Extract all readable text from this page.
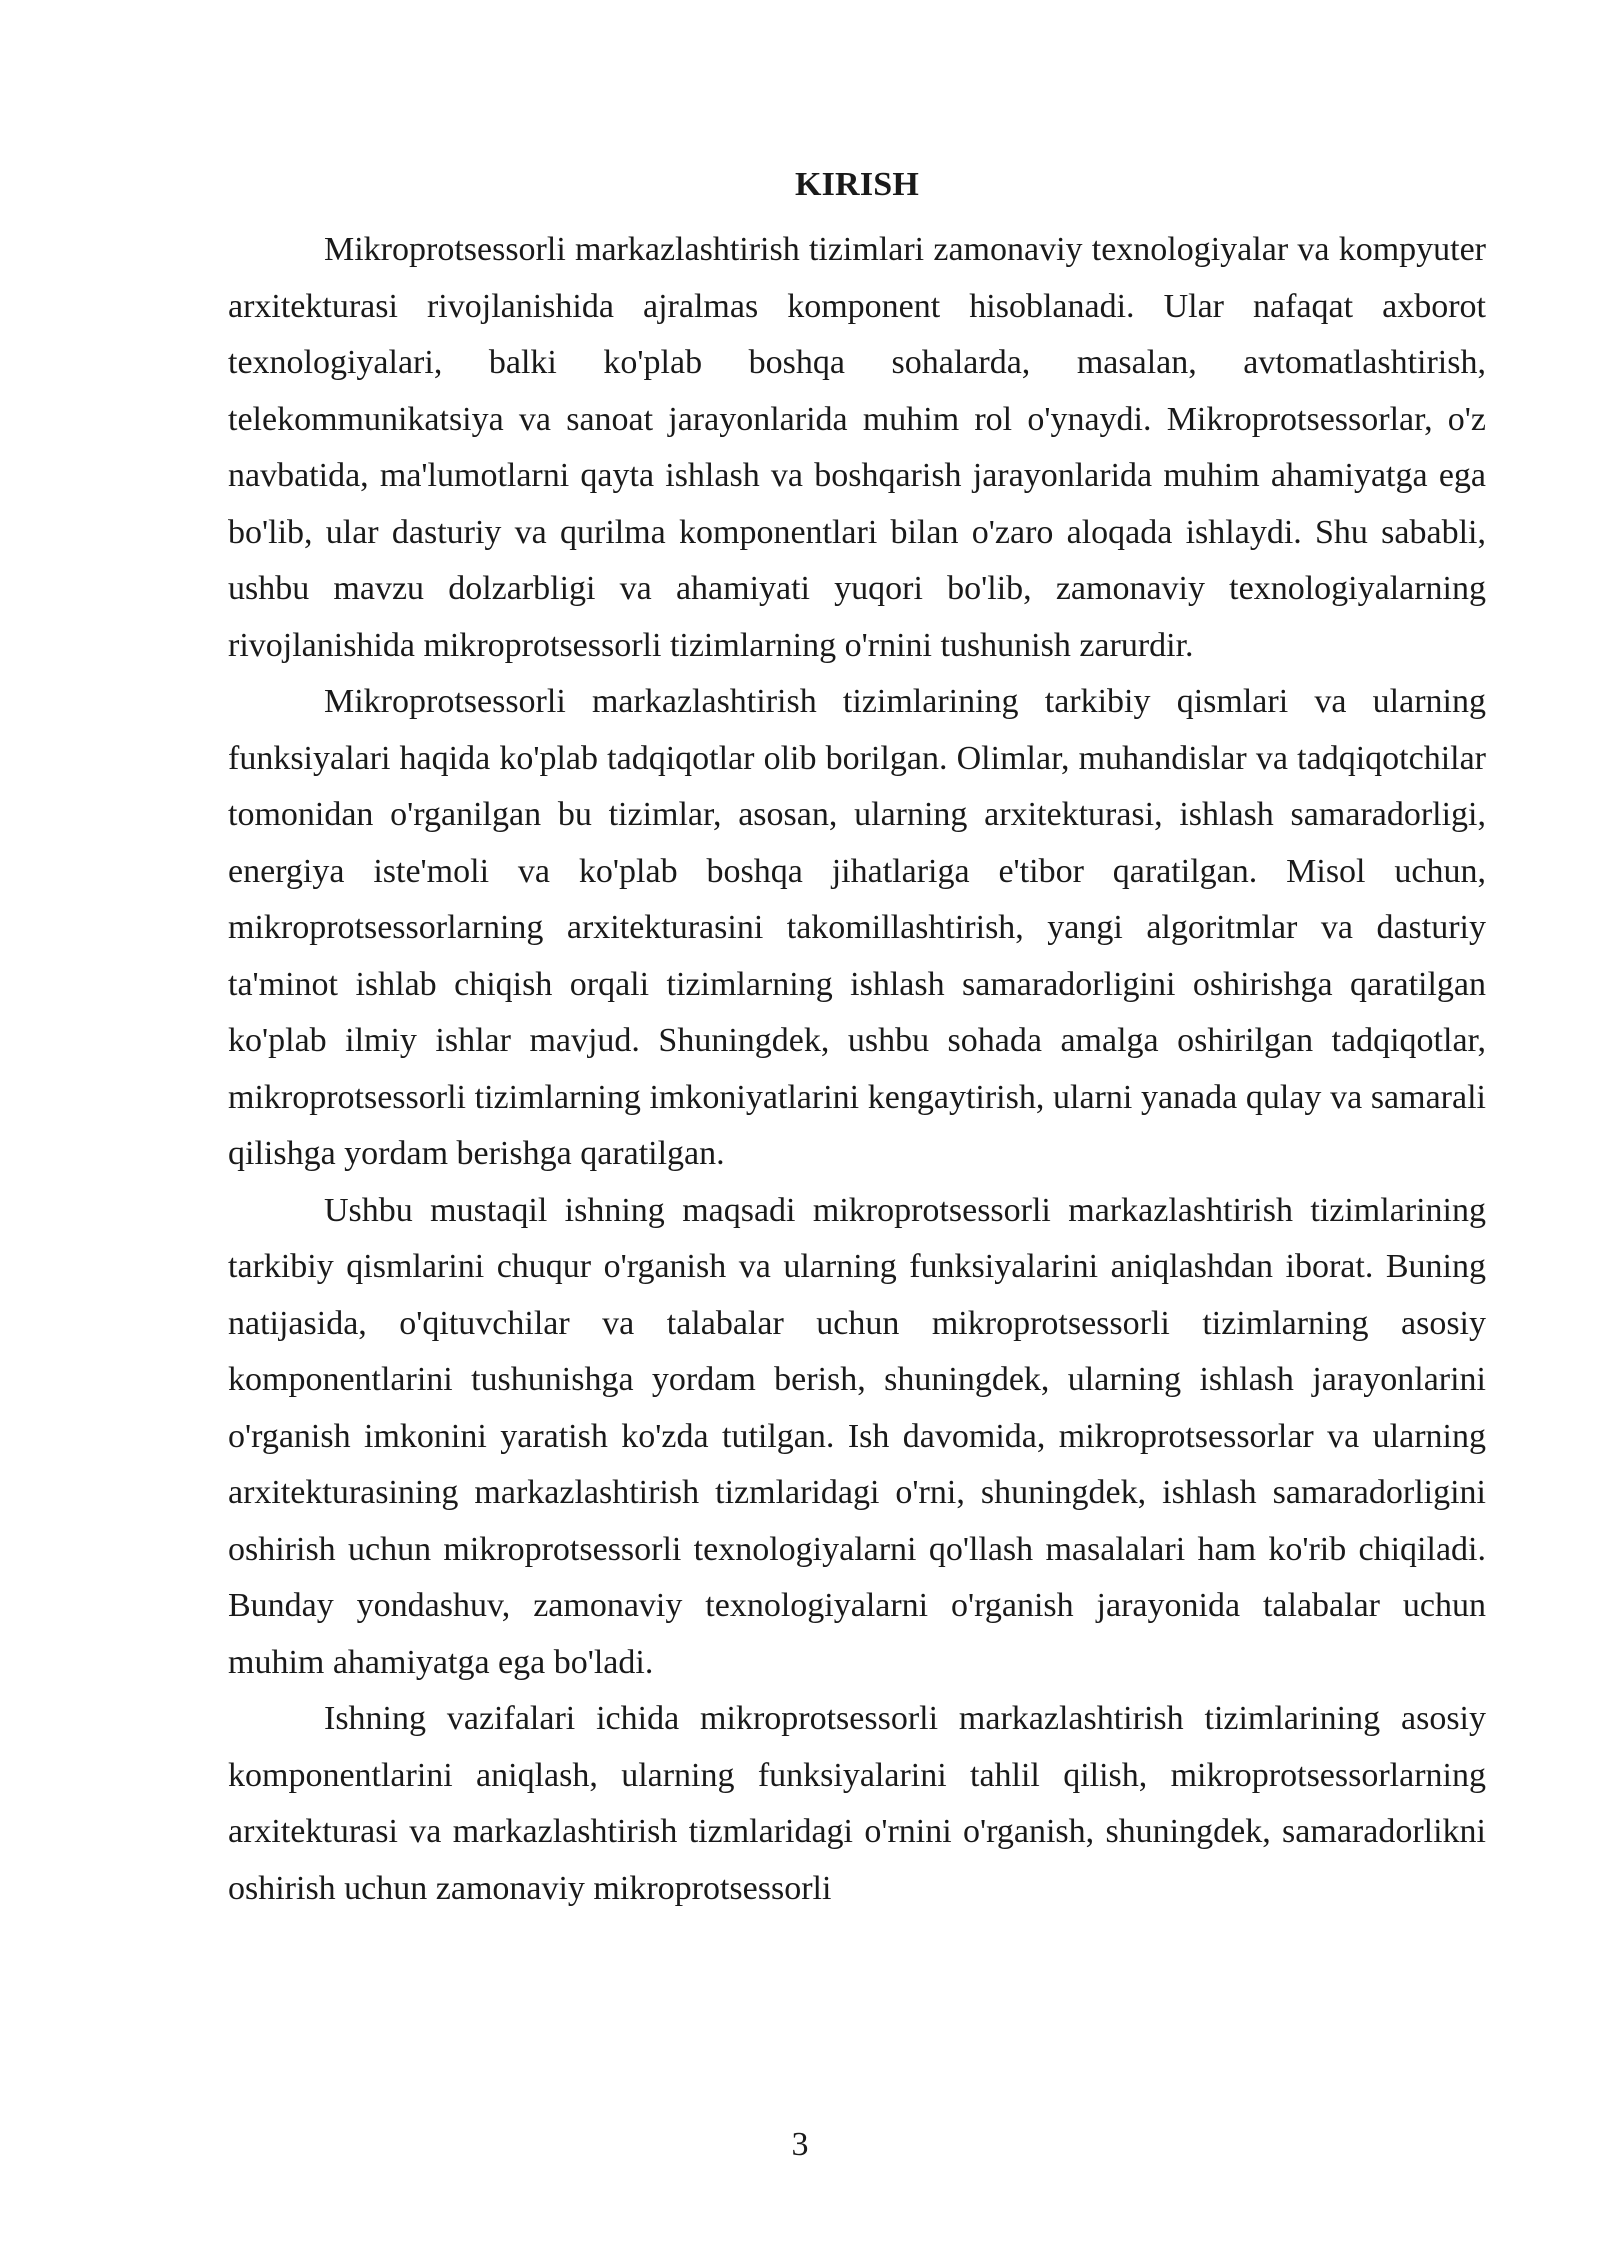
KIRISH

Mikroprotsessorli markazlashtirish tizimlari zamonaviy texnologiyalar va kompyuter arxitekturasi rivojlanishida ajralmas komponent hisoblanadi. Ular nafaqat axborot texnologiyalari, balki ko'plab boshqa sohalarda, masalan, avtomatlashtirish, telekommunikatsiya va sanoat jarayonlarida muhim rol o'ynaydi. Mikroprotsessorlar, o'z navbatida, ma'lumotlarni qayta ishlash va boshqarish jarayonlarida muhim ahamiyatga ega bo'lib, ular dasturiy va qurilma komponentlari bilan o'zaro aloqada ishlaydi. Shu sababli, ushbu mavzu dolzarbligi va ahamiyati yuqori bo'lib, zamonaviy texnologiyalarning rivojlanishida mikroprotsessorli tizimlarning o'rnini tushunish zarurdir.

Mikroprotsessorli markazlashtirish tizimlarining tarkibiy qismlari va ularning funksiyalari haqida ko'plab tadqiqotlar olib borilgan. Olimlar, muhandislar va tadqiqotchilar tomonidan o'rganilgan bu tizimlar, asosan, ularning arxitekturasi, ishlash samaradorligi, energiya iste'moli va ko'plab boshqa jihatlariga e'tibor qaratilgan. Misol uchun, mikroprotsessorlarning arxitekturasini takomillashtirish, yangi algoritmlar va dasturiy ta'minot ishlab chiqish orqali tizimlarning ishlash samaradorligini oshirishga qaratilgan ko'plab ilmiy ishlar mavjud. Shuningdek, ushbu sohada amalga oshirilgan tadqiqotlar, mikroprotsessorli tizimlarning imkoniyatlarini kengaytirish, ularni yanada qulay va samarali qilishga yordam berishga qaratilgan.

Ushbu mustaqil ishning maqsadi mikroprotsessorli markazlashtirish tizimlarining tarkibiy qismlarini chuqur o'rganish va ularning funksiyalarini aniqlashdan iborat. Buning natijasida, o'qituvchilar va talabalar uchun mikroprotsessorli tizimlarning asosiy komponentlarini tushunishga yordam berish, shuningdek, ularning ishlash jarayonlarini o'rganish imkonini yaratish ko'zda tutilgan. Ish davomida, mikroprotsessorlar va ularning arxitekturasining markazlashtirish tizmlaridagi o'rni, shuningdek, ishlash samaradorligini oshirish uchun mikroprotsessorli texnologiyalarni qo'llash masalalari ham ko'rib chiqiladi. Bunday yondashuv, zamonaviy texnologiyalarni o'rganish jarayonida talabalar uchun muhim ahamiyatga ega bo'ladi.

Ishning vazifalari ichida mikroprotsessorli markazlashtirish tizimlarining asosiy komponentlarini aniqlash, ularning funksiyalarini tahlil qilish, mikroprotsessorlarning arxitekturasi va markazlashtirish tizmlaridagi o'rnini o'rganish, shuningdek, samaradorlikni oshirish uchun zamonaviy mikroprotsessorli

3
